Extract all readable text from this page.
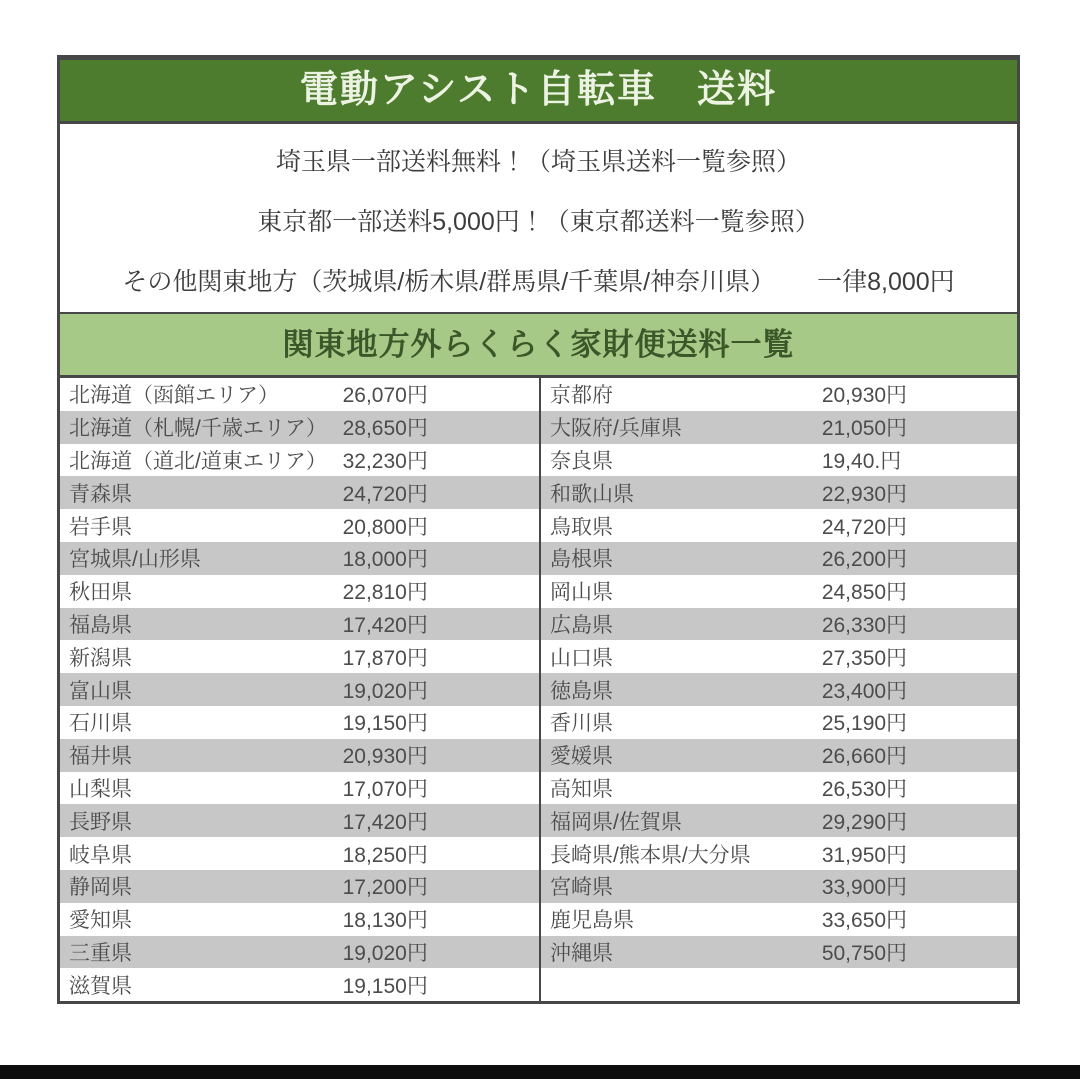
電動アシスト自転車　送料
埼玉県一部送料無料！（埼玉県送料一覧参照）
東京都一部送料5,000円！（東京都送料一覧参照）
その他関東地方（茨城県/栃木県/群馬県/千葉県/神奈川県） 一律8,000円
関東地方外らくらく家財便送料一覧
北海道（函館エリア）	26,070円
北海道（札幌/千歳エリア） 28,650円
北海道（道北/道東エリア） 32,230円
青森県	24,720円
岩手県	20,800円
宮城県/山形県	18,000円
秋田県	22,810円
福島県	17,420円
新潟県	17,870円
富山県	19,020円
石川県	19,150円
福井県	20,930円
山梨県	17,070円
長野県	17,420円
岐阜県	18,250円
静岡県	17,200円
愛知県	18,130円
三重県	19,020円
滋賀県	19,150円
京都府	20,930円
大阪府/兵庫県	21,050円
奈良県	19,40.円
和歌山県	22,930円
鳥取県	24,720円
島根県	26,200円
岡山県	24,850円
広島県	26,330円
山口県	27,350円
徳島県	23,400円
香川県	25,190円
愛媛県	26,660円
高知県	26,530円
福岡県/佐賀県	29,290円
長崎県/熊本県/大分県	31,950円
宮崎県	33,900円
鹿児島県	33,650円
沖縄県	50,750円
